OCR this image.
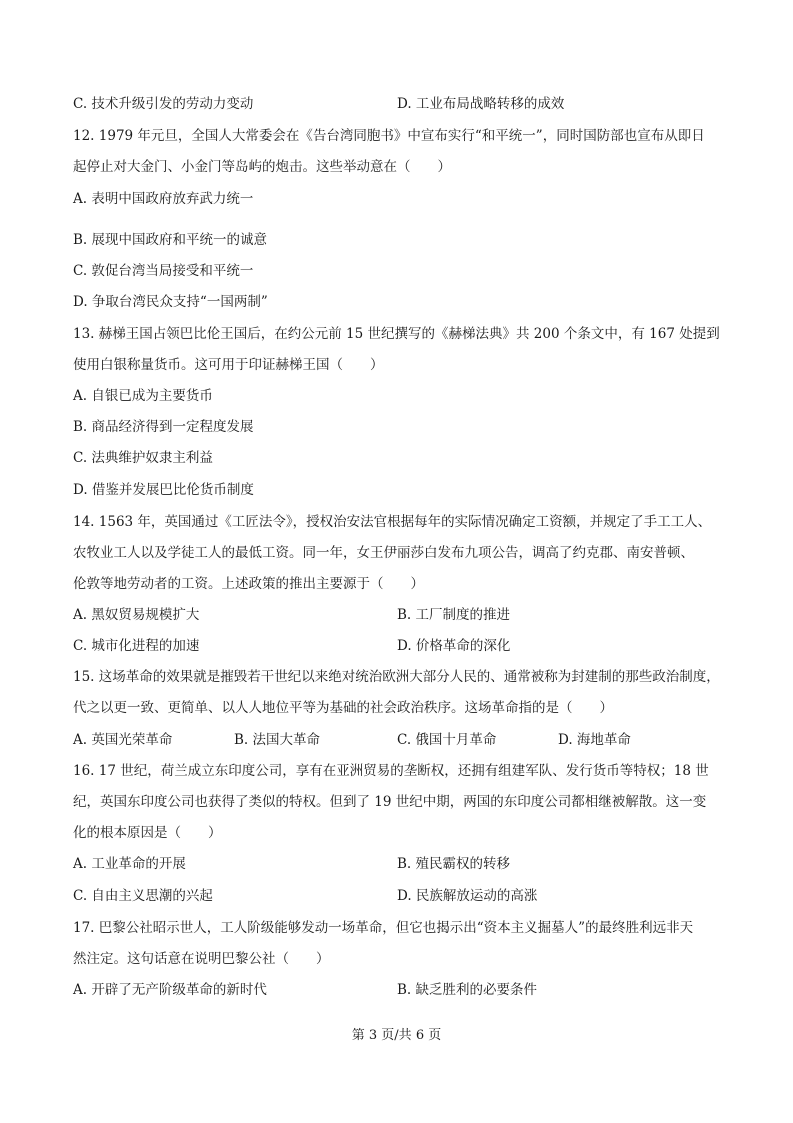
C. 技术升级引发的劳动力变动	D. 工业布局战略转移的成效
12. 1979 年元旦，全国人大常委会在《告台湾同胞书》中宣布实行“和平统一”，同时国防部也宣布从即日
起停止对大金门、小金门等岛屿的炮击。这些举动意在（　　）
A. 表明中国政府放弃武力统一
B. 展现中国政府和平统一的诚意
C. 敦促台湾当局接受和平统一
D. 争取台湾民众支持“一国两制”
13. 赫梯王国占领巴比伦王国后，在约公元前 15 世纪撰写的《赫梯法典》共 200 个条文中，有 167 处提到
使用白银称量货币。这可用于印证赫梯王国（　　）
A. 自银已成为主要货币
B. 商品经济得到一定程度发展
C. 法典维护奴隶主利益
D. 借鉴并发展巴比伦货币制度
14. 1563 年，英国通过《工匠法令》，授权治安法官根据每年的实际情况确定工资额，并规定了手工工人、
农牧业工人以及学徒工人的最低工资。同一年，女王伊丽莎白发布九项公告，调高了约克郡、南安普顿、
伦敦等地劳动者的工资。上述政策的推出主要源于（　　）
A. 黑奴贸易规模扩大	B. 工厂制度的推进
C. 城市化进程的加速	D. 价格革命的深化
15. 这场革命的效果就是摧毁若干世纪以来绝对统治欧洲大部分人民的、通常被称为封建制的那些政治制度，
代之以更一致、更简单、以人人地位平等为基础的社会政治秩序。这场革命指的是（　　）
A. 英国光荣革命	B. 法国大革命	C. 俄国十月革命	D. 海地革命
16. 17 世纪，荷兰成立东印度公司，享有在亚洲贸易的垄断权，还拥有组建军队、发行货币等特权；18 世
纪，英国东印度公司也获得了类似的特权。但到了 19 世纪中期，两国的东印度公司都相继被解散。这一变
化的根本原因是（　　）
A. 工业革命的开展	B. 殖民霸权的转移
C. 自由主义思潮的兴起	D. 民族解放运动的高涨
17. 巴黎公社昭示世人，工人阶级能够发动一场革命，但它也揭示出“资本主义掘墓人”的最终胜利远非天
然注定。这句话意在说明巴黎公社（　　）
A. 开辟了无产阶级革命的新时代	B. 缺乏胜利的必要条件
第 3 页/共 6 页
